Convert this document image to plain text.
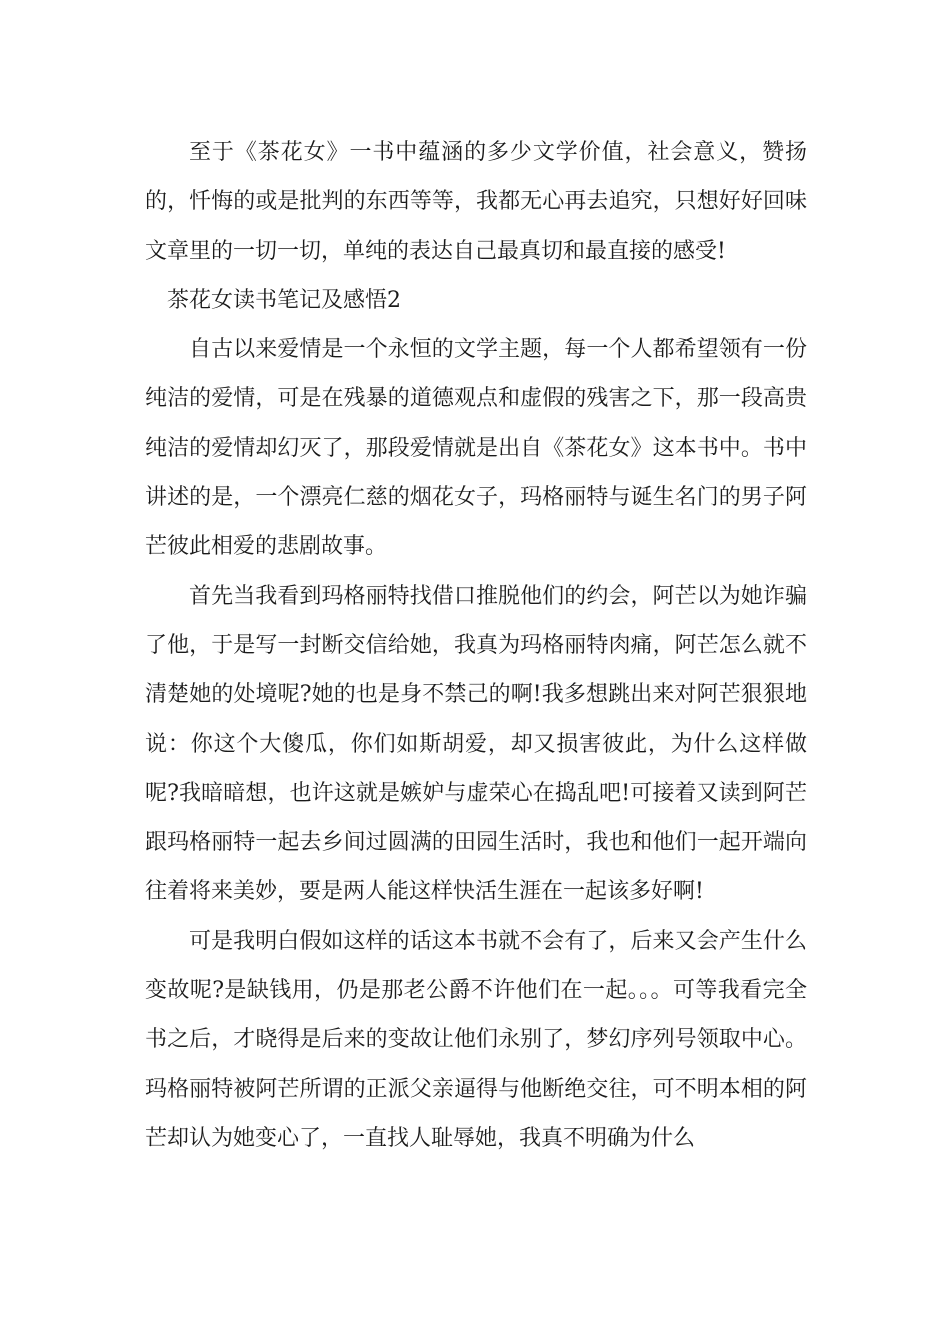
至于《茶花女》一书中蕴涵的多少文学价值，社会意义，赞扬的，忏悔的或是批判的东西等等，我都无心再去追究，只想好好回味文章里的一切一切，单纯的表达自己最真切和最直接的感受!

茶花女读书笔记及感悟2

自古以来爱情是一个永恒的文学主题，每一个人都希望领有一份纯洁的爱情，可是在残暴的道德观点和虚假的残害之下，那一段高贵纯洁的爱情却幻灭了，那段爱情就是出自《茶花女》这本书中。书中讲述的是，一个漂亮仁慈的烟花女子，玛格丽特与诞生名门的男子阿芒彼此相爱的悲剧故事。

首先当我看到玛格丽特找借口推脱他们的约会，阿芒以为她诈骗了他，于是写一封断交信给她，我真为玛格丽特肉痛，阿芒怎么就不清楚她的处境呢?她的也是身不禁己的啊!我多想跳出来对阿芒狠狠地说：你这个大傻瓜，你们如斯胡爱，却又损害彼此，为什么这样做呢?我暗暗想，也许这就是嫉妒与虚荣心在捣乱吧!可接着又读到阿芒跟玛格丽特一起去乡间过圆满的田园生活时，我也和他们一起开端向往着将来美妙，要是两人能这样快活生涯在一起该多好啊!

可是我明白假如这样的话这本书就不会有了，后来又会产生什么变故呢?是缺钱用，仍是那老公爵不许他们在一起。。。可等我看完全书之后，才晓得是后来的变故让他们永别了，梦幻序列号领取中心。玛格丽特被阿芒所谓的正派父亲逼得与他断绝交往，可不明本相的阿芒却认为她变心了，一直找人耻辱她，我真不明确为什么
